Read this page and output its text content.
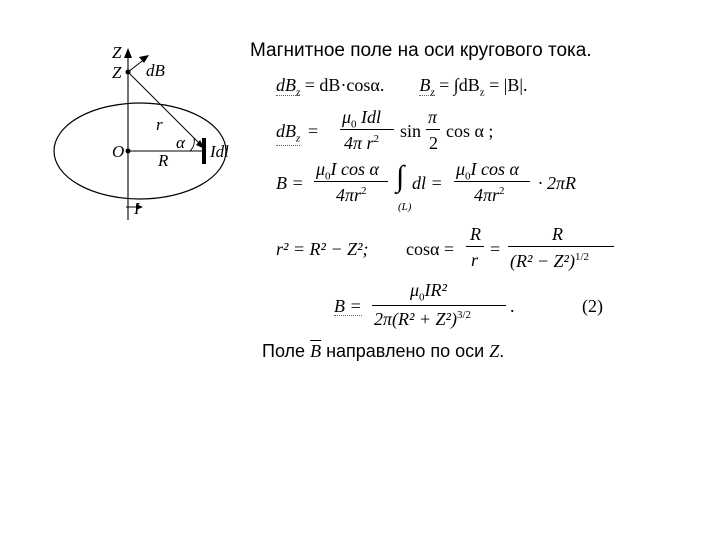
Z
Z dB
r
α
O R Idl
I
Магнитное поле на оси кругового тока.
$dB_z = dB\cdot\cos\alpha$. $B_z = \int dB_z = |B|$.
$dB_z$ =
$\mu_0$ Idl
4π $r^2$ sin
π
2
cos α ;
B =
$\mu_0I$ cos α
$4\pi r^2$ ∫
(L)
dl =
$\mu_0I$ cos α
$4\pi r^2 \cdot 2\pi R$
r² = R² − Z²; cosα =
R
r
=
R
$(R^2 - Z^2)^{1/2}$
B =
$\mu_0IR^2$
$2\pi(R^2 + Z^2)^{3/2}$ .	(2)
Поле $\overline{B}$ направлено по оси Z.
